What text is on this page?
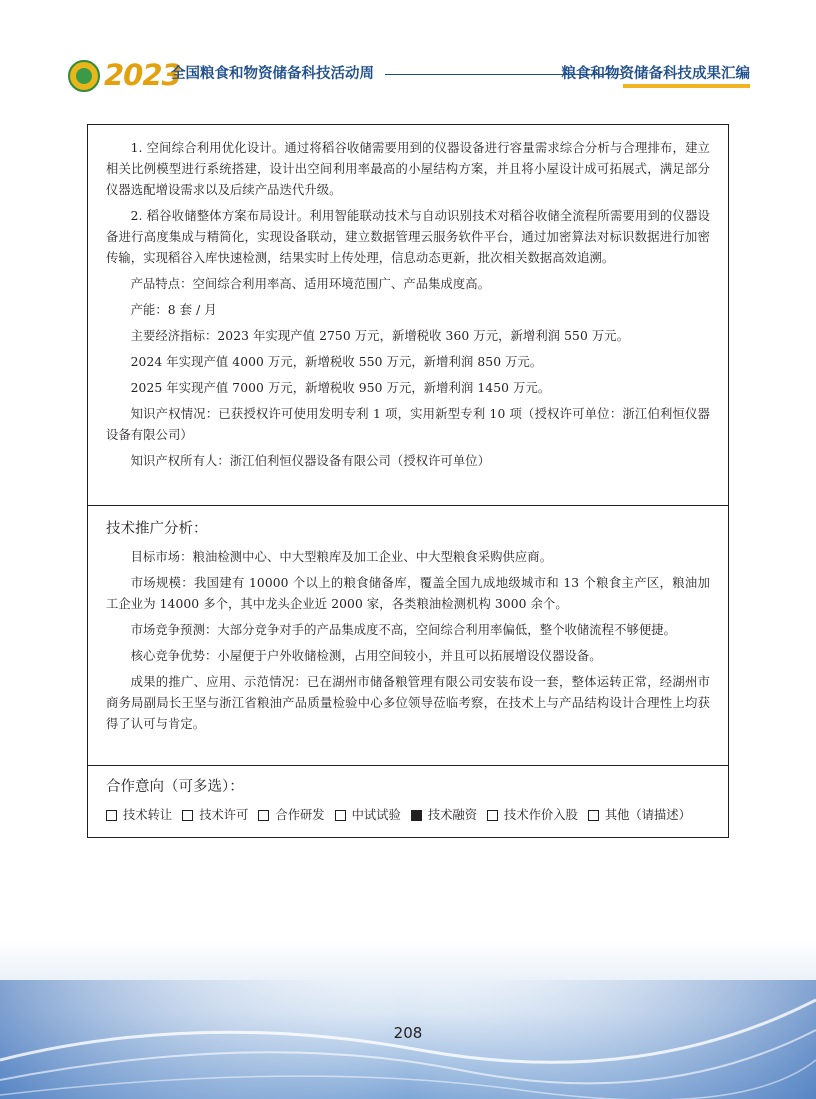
2023
全国粮食和物资储备科技活动周	粮食和物资储备科技成果汇编

1. 空间综合利用优化设计。通过将稻谷收储需要用到的仪器设备进行容量需求综合分析与合理排布，建立相关比例模型进行系统搭建，设计出空间利用率最高的小屋结构方案，并且将小屋设计成可拓展式，满足部分仪器选配增设需求以及后续产品迭代升级。

2. 稻谷收储整体方案布局设计。利用智能联动技术与自动识别技术对稻谷收储全流程所需要用到的仪器设备进行高度集成与精简化，实现设备联动，建立数据管理云服务软件平台，通过加密算法对标识数据进行加密传输，实现稻谷入库快速检测，结果实时上传处理，信息动态更新，批次相关数据高效追溯。

产品特点：空间综合利用率高、适用环境范围广、产品集成度高。

产能：8 套 / 月

主要经济指标：2023 年实现产值 2750 万元，新增税收 360 万元，新增利润 550 万元。

2024 年实现产值 4000 万元，新增税收 550 万元，新增利润 850 万元。

2025 年实现产值 7000 万元，新增税收 950 万元，新增利润 1450 万元。

知识产权情况：已获授权许可使用发明专利 1 项，实用新型专利 10 项（授权许可单位：浙江伯利恒仪器设备有限公司）

知识产权所有人：浙江伯利恒仪器设备有限公司（授权许可单位）

技术推广分析：

目标市场：粮油检测中心、中大型粮库及加工企业、中大型粮食采购供应商。

市场规模：我国建有 10000 个以上的粮食储备库，覆盖全国九成地级城市和 13 个粮食主产区，粮油加工企业为 14000 多个，其中龙头企业近 2000 家，各类粮油检测机构 3000 余个。

市场竞争预测：大部分竞争对手的产品集成度不高，空间综合利用率偏低，整个收储流程不够便捷。

核心竞争优势：小屋便于户外收储检测，占用空间较小，并且可以拓展增设仪器设备。

成果的推广、应用、示范情况：已在湖州市储备粮管理有限公司安装布设一套，整体运转正常，经湖州市商务局副局长王坚与浙江省粮油产品质量检验中心多位领导莅临考察，在技术上与产品结构设计合理性上均获得了认可与肯定。

合作意向（可多选）：
技术转让 技术许可 合作研发 中试试验 技术融资 技术作价入股 其他（请描述）
208
